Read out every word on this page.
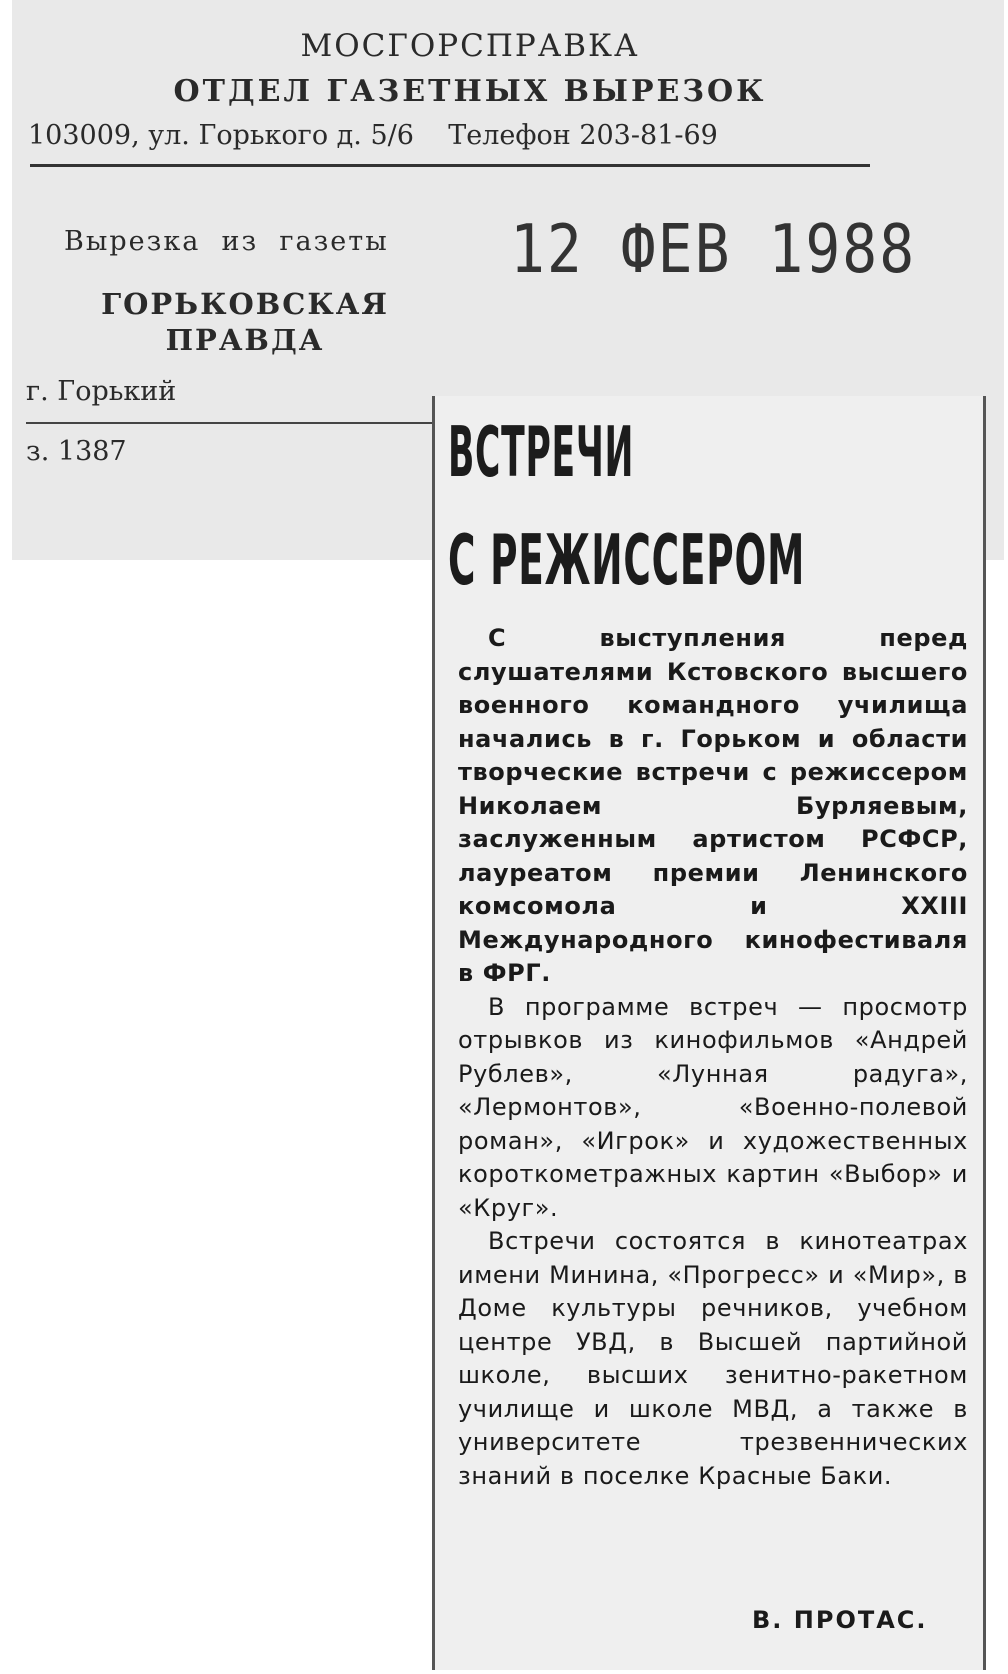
МОСГОРСПРАВКА
ОТДЕЛ ГАЗЕТНЫХ ВЫРЕЗОК
103009, ул. Горького д. 5/6    Телефон 203-81-69
Вырезка  из  газеты
ГОРЬКОВСКАЯ ПРАВДА
г. Горький
з. 1387
12 ФЕВ 1988
ВСТРЕЧИ
С РЕЖИССЕРОМ

С выступления перед слушателями Кстовского высшего военного командного училища начались в г. Горьком и области творческие встречи с режиссером Николаем Бурляевым, заслуженным артистом РСФСР, лауреатом премии Ленинского комсомола и XXIII Международного кинофестиваля в ФРГ.

В программе встреч — просмотр отрывков из кинофильмов «Андрей Рублев», «Лунная радуга», «Лермонтов», «Военно-полевой роман», «Игрок» и художественных короткометражных картин «Выбор» и «Круг».

Встречи состоятся в кинотеатрах имени Минина, «Прогресс» и «Мир», в Доме культуры речников, учебном центре УВД, в Высшей партийной школе, высших зенитно-ракетном училище и школе МВД, а также в университете трезвеннических знаний в поселке Красные Баки.

В. ПРОТАС.
